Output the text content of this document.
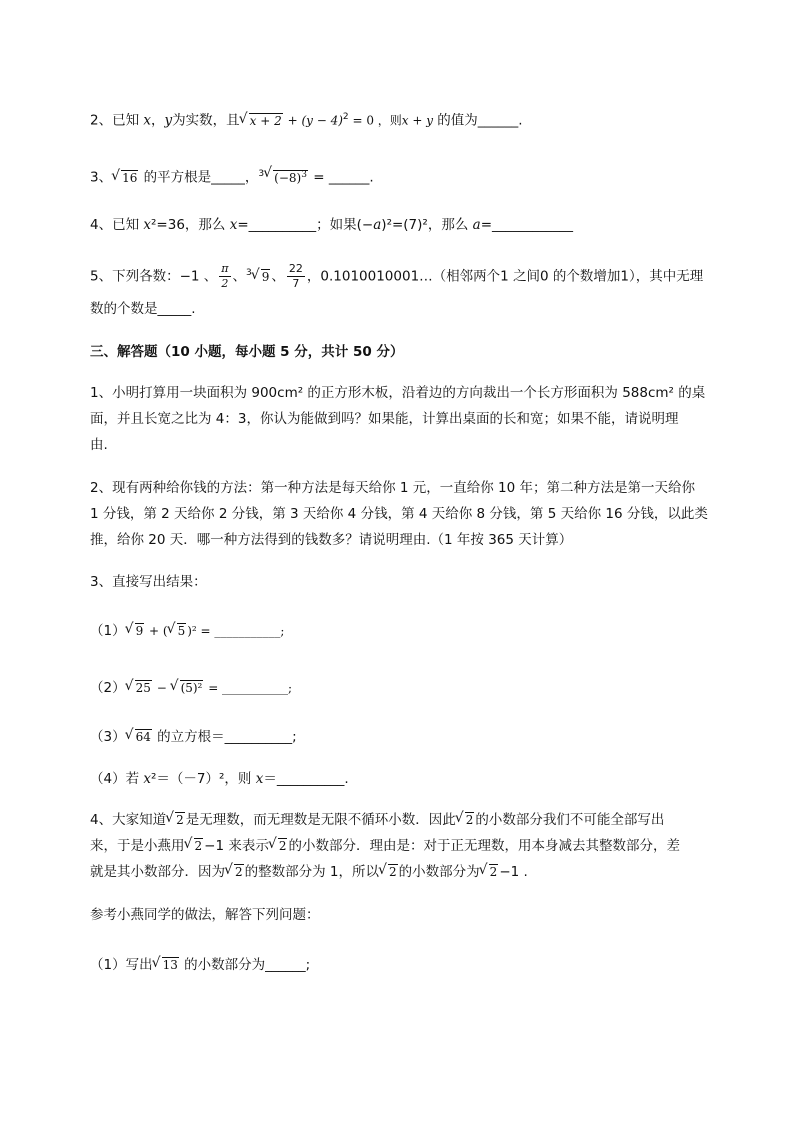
2、已知 x，y为实数，且 √ $x + 2 + (y - 4)^2 = 0$ ，则x + y 的值为______.
3、 √ 16 的平方根是_____，$^3$ √ $(-8)^3$ = ______.
4、已知 x²=36，那么 x=__________；如果(−a)²=(7)²，那么 a=____________
5、下列各数：−1 、 $\frac{\pi}{2}$ 、$^3$ √ 9 、 $\frac{22}{7}$ ，0.1010010001…（相邻两个1 之间0 的个数增加1），其中无理
数的个数是_____.
三、解答题（10 小题，每小题 5 分，共计 50 分）
1、小明打算用一块面积为 900cm² 的正方形木板，沿着边的方向裁出一个长方形面积为 588cm² 的桌
面，并且长宽之比为 4：3，你认为能做到吗？如果能，计算出桌面的长和宽；如果不能，请说明理
由.
2、现有两种给你钱的方法：第一种方法是每天给你 1 元，一直给你 10 年；第二种方法是第一天给你
1 分钱，第 2 天给你 2 分钱，第 3 天给你 4 分钱，第 4 天给你 8 分钱，第 5 天给你 16 分钱，以此类
推，给你 20 天．哪一种方法得到的钱数多？请说明理由.（1 年按 365 天计算）
3、直接写出结果：
（1） √ 9 + ( √ 5 )² = ___________;
（2） √ 25 − √ (5)² = ___________;
（3） √ 64 的立方根＝__________;
（4）若 x²＝（－7）²，则 x＝__________.
4、大家知道 √ 2 是无理数，而无理数是无限不循环小数．因此 √ 2 的小数部分我们不可能全部写出
来，于是小燕用 √ 2 −1 来表示 √ 2 的小数部分．理由是：对于正无理数，用本身减去其整数部分，差
就是其小数部分．因为 √ 2 的整数部分为 1，所以 √ 2 的小数部分为 √ 2 −1 .
参考小燕同学的做法，解答下列问题：
（1）写出 √ 13 的小数部分为______;
